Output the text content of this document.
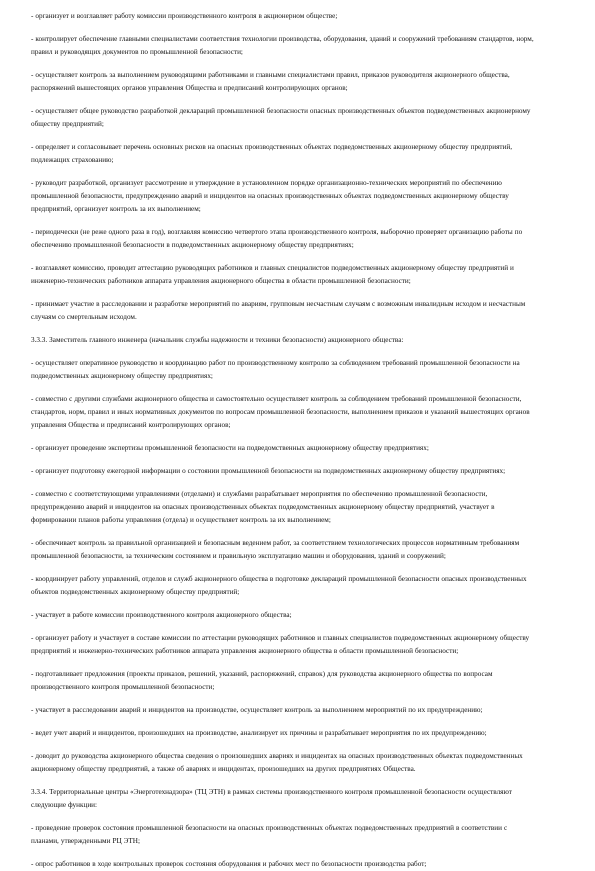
- организует и возглавляет работу комиссии производственного контроля в акционерном обществе;

- контролирует обеспечение главными специалистами соответствия технологии производства, оборудования, зданий и сооружений требованиям стандартов, норм, правил и руководящих документов по промышленной безопасности;

- осуществляет контроль за выполнением руководящими работниками и главными специалистами правил, приказов руководителя акционерного общества, распоряжений вышестоящих органов управления Общества и предписаний контролирующих органов;

- осуществляет общее руководство разработкой деклараций промышленной безопасности опасных производственных объектов подведомственных акционерному обществу предприятий;

- определяет и согласовывает перечень основных рисков на опасных производственных объектах подведомственных акционерному обществу предприятий, подлежащих страхованию;

- руководит разработкой, организует рассмотрение и утверждение в установленном порядке организационно-технических мероприятий по обеспечению промышленной безопасности, предупреждению аварий и инцидентов на опасных производственных объектах подведомственных акционерному обществу предприятий, организует контроль за их выполнением;

- периодически (не реже одного раза в год), возглавляя комиссию четвертого этапа производственного контроля, выборочно проверяет организацию работы по обеспечению промышленной безопасности в подведомственных акционерному обществу предприятиях;

- возглавляет комиссию, проводит аттестацию руководящих работников и главных специалистов подведомственных акционерному обществу предприятий и инженерно-технических работников аппарата управления акционерного общества в области промышленной безопасности;

- принимает участие в расследовании и разработке мероприятий по авариям, групповым несчастным случаям с возможным инвалидным исходом и несчастным случаям со смертельным исходом.

3.3.3. Заместитель главного инженера (начальник службы надежности и техники безопасности) акционерного общества:

- осуществляет оперативное руководство и координацию работ по производственному контролю за соблюдением требований промышленной безопасности на подведомственных акционерному обществу предприятиях;

- совместно с другими службами акционерного общества и самостоятельно осуществляет контроль за соблюдением требований промышленной безопасности, стандартов, норм, правил и иных нормативных документов по вопросам промышленной безопасности, выполнением приказов и указаний вышестоящих органов управления Общества и предписаний контролирующих органов;

- организует проведение экспертизы промышленной безопасности на подведомственных акционерному обществу предприятиях;

- организует подготовку ежегодной информации о состоянии промышленной безопасности на подведомственных акционерному обществу предприятиях;

- совместно с соответствующими управлениями (отделами) и службами разрабатывает мероприятия по обеспечению промышленной безопасности, предупреждению аварий и инцидентов на опасных производственных объектах подведомственных акционерному обществу предприятий, участвует в формировании планов работы управления (отдела) и осуществляет контроль за их выполнением;

- обеспечивает контроль за правильной организацией и безопасным ведением работ, за соответствием технологических процессов нормативным требованиям промышленной безопасности, за техническим состоянием и правильную эксплуатацию машин и оборудования, зданий и сооружений;

- координирует работу управлений, отделов и служб акционерного общества в подготовке деклараций промышленной безопасности опасных производственных объектов подведомственных акционерному обществу предприятий;

- участвует в работе комиссии производственного контроля акционерного общества;

- организует работу и участвует в составе комиссии по аттестации руководящих работников и главных специалистов подведомственных акционерному обществу предприятий и инженерно-технических работников аппарата управления акционерного общества в области промышленной безопасности;

- подготавливает предложения (проекты приказов, решений, указаний, распоряжений, справок) для руководства акционерного общества по вопросам производственного контроля промышленной безопасности;

- участвует в расследовании аварий и инцидентов на производстве, осуществляет контроль за выполнением мероприятий по их предупреждению;

- ведет учет аварий и инцидентов, произошедших на производстве, анализирует их причины и разрабатывает мероприятия по их предупреждению;

- доводит до руководства акционерного общества сведения о произошедших авариях и инцидентах на опасных производственных объектах подведомственных акционерному обществу предприятий, а также об авариях и инцидентах, произошедших на других предприятиях Общества.

3.3.4. Территориальные центры «Энерготехнадзора» (ТЦ ЭТН) в рамках системы производственного контроля промышленной безопасности осуществляют следующие функции:

- проведение проверок состояния промышленной безопасности на опасных производственных объектах подведомственных предприятий в соответствии с планами, утвержденными РЦ ЭТН;

- опрос работников в ходе контрольных проверок состояния оборудования и рабочих мест по безопасности производства работ;
